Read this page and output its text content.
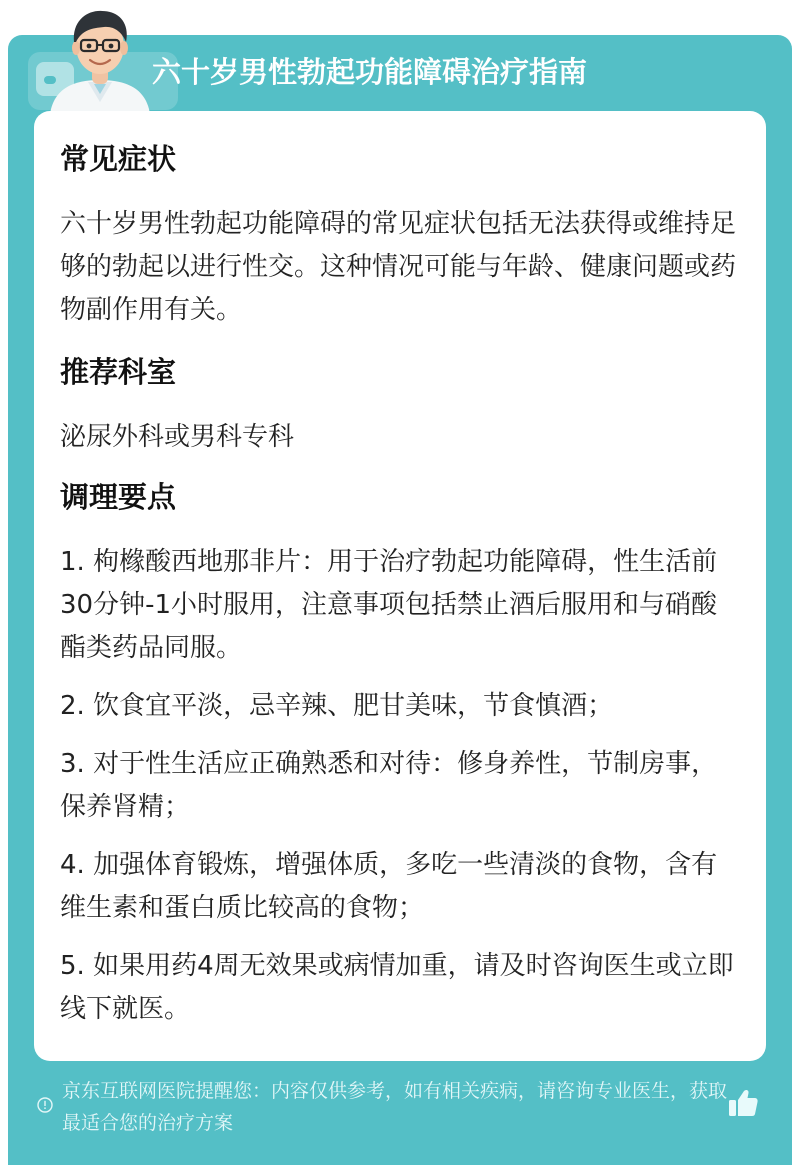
六十岁男性勃起功能障碍治疗指南
常见症状

六十岁男性勃起功能障碍的常见症状包括无法获得或维持足够的勃起以进行性交。这种情况可能与年龄、健康问题或药物副作用有关。

推荐科室

泌尿外科或男科专科

调理要点

1. 枸橼酸西地那非片：用于治疗勃起功能障碍，性生活前30分钟-1小时服用，注意事项包括禁止酒后服用和与硝酸酯类药品同服。

2. 饮食宜平淡，忌辛辣、肥甘美味，节食慎酒；

3. 对于性生活应正确熟悉和对待：修身养性，节制房事，保养肾精；

4. 加强体育锻炼，增强体质，多吃一些清淡的食物，含有维生素和蛋白质比较高的食物；

5. 如果用药4周无效果或病情加重，请及时咨询医生或立即线下就医。

京东互联网医院提醒您：内容仅供参考，如有相关疾病，请咨询专业医生，获取最适合您的治疗方案
